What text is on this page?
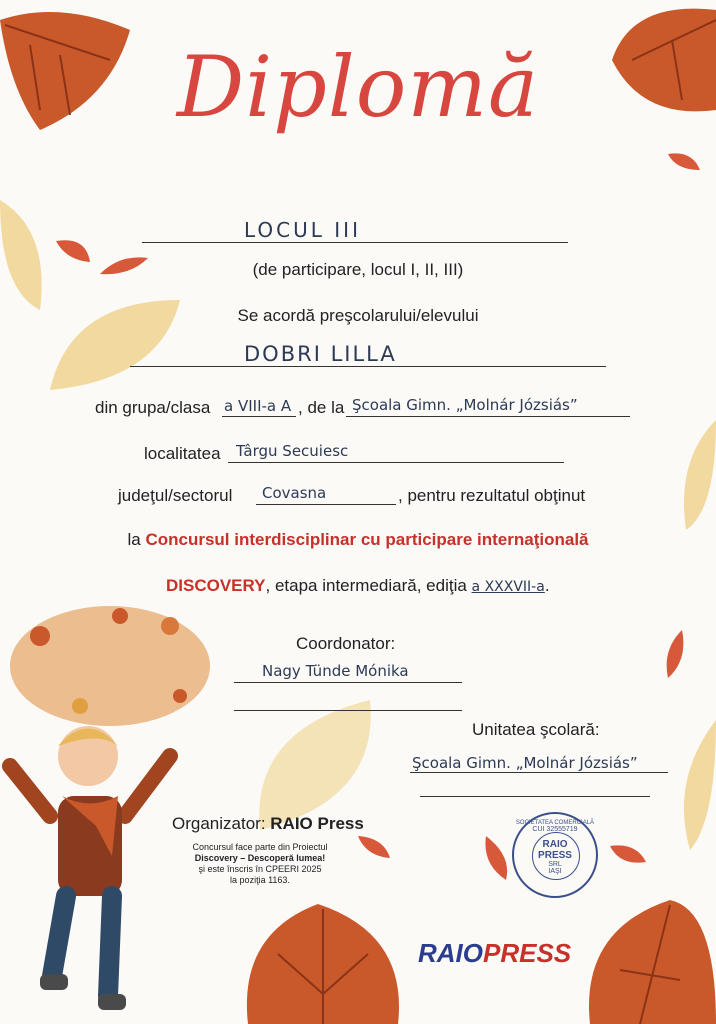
Diplomă
LOCUL III
(de participare, locul I, II, III)
Se acordă preşcolarului/elevului
DOBRI LILLA
din grupa/clasa a VIII-a A , de la Şcoala Gimn. „Molnár Józsiás”
localitatea Târgu Secuiesc
judeţul/sectorul Covasna	, pentru rezultatul obţinut
la Concursul interdisciplinar cu participare internaţională
DISCOVERY, etapa intermediară, ediţia a XXXVII-a.
Coordonator:
Nagy Tünde Mónika
Unitatea şcolară:
Şcoala Gimn. „Molnár Józsiás”
Organizator: RAIO Press
Concursul face parte din Proiectul
Discovery – Descoperă lumea!
şi este înscris în CPEERI 2025
la poziţia 1163.
SOCIETATEA COMERCIALĂ
CUI 32555719
RAIO
PRESS
SRL
IAŞI
RAIOPRESS
